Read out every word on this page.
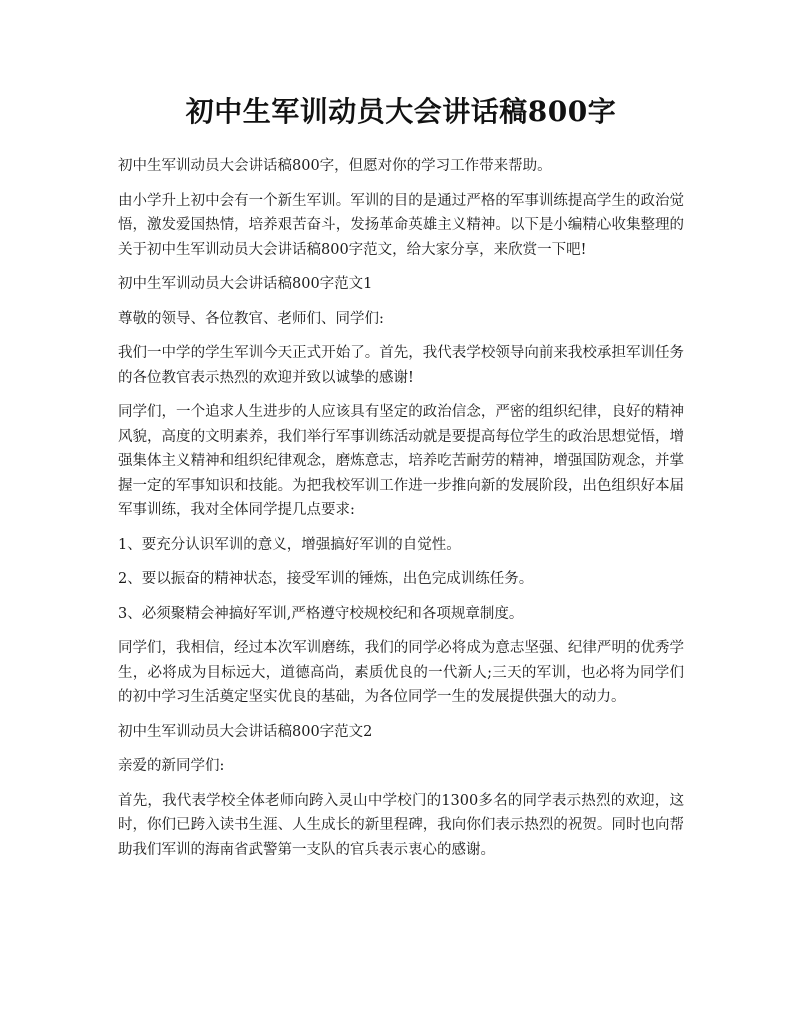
初中生军训动员大会讲话稿800字

初中生军训动员大会讲话稿800字，但愿对你的学习工作带来帮助。

由小学升上初中会有一个新生军训。军训的目的是通过严格的军事训练提高学生的政治觉悟，激发爱国热情，培养艰苦奋斗，发扬革命英雄主义精神。以下是小编精心收集整理的关于初中生军训动员大会讲话稿800字范文，给大家分享，来欣赏一下吧!

初中生军训动员大会讲话稿800字范文1

尊敬的领导、各位教官、老师们、同学们:

我们一中学的学生军训今天正式开始了。首先，我代表学校领导向前来我校承担军训任务的各位教官表示热烈的欢迎并致以诚挚的感谢!

同学们，一个追求人生进步的人应该具有坚定的政治信念，严密的组织纪律，良好的精神风貌，高度的文明素养，我们举行军事训练活动就是要提高每位学生的政治思想觉悟，增强集体主义精神和组织纪律观念，磨炼意志，培养吃苦耐劳的精神，增强国防观念，并掌握一定的军事知识和技能。为把我校军训工作进一步推向新的发展阶段，出色组织好本届军事训练，我对全体同学提几点要求:

1、要充分认识军训的意义，增强搞好军训的自觉性。

2、要以振奋的精神状态，接受军训的锤炼，出色完成训练任务。

3、必须聚精会神搞好军训,严格遵守校规校纪和各项规章制度。

同学们，我相信，经过本次军训磨练，我们的同学必将成为意志坚强、纪律严明的优秀学生，必将成为目标远大，道德高尚，素质优良的一代新人;三天的军训，也必将为同学们的初中学习生活奠定坚实优良的基础，为各位同学一生的发展提供强大的动力。

初中生军训动员大会讲话稿800字范文2

亲爱的新同学们:

首先，我代表学校全体老师向跨入灵山中学校门的1300多名的同学表示热烈的欢迎，这时，你们已跨入读书生涯、人生成长的新里程碑，我向你们表示热烈的祝贺。同时也向帮助我们军训的海南省武警第一支队的官兵表示衷心的感谢。
